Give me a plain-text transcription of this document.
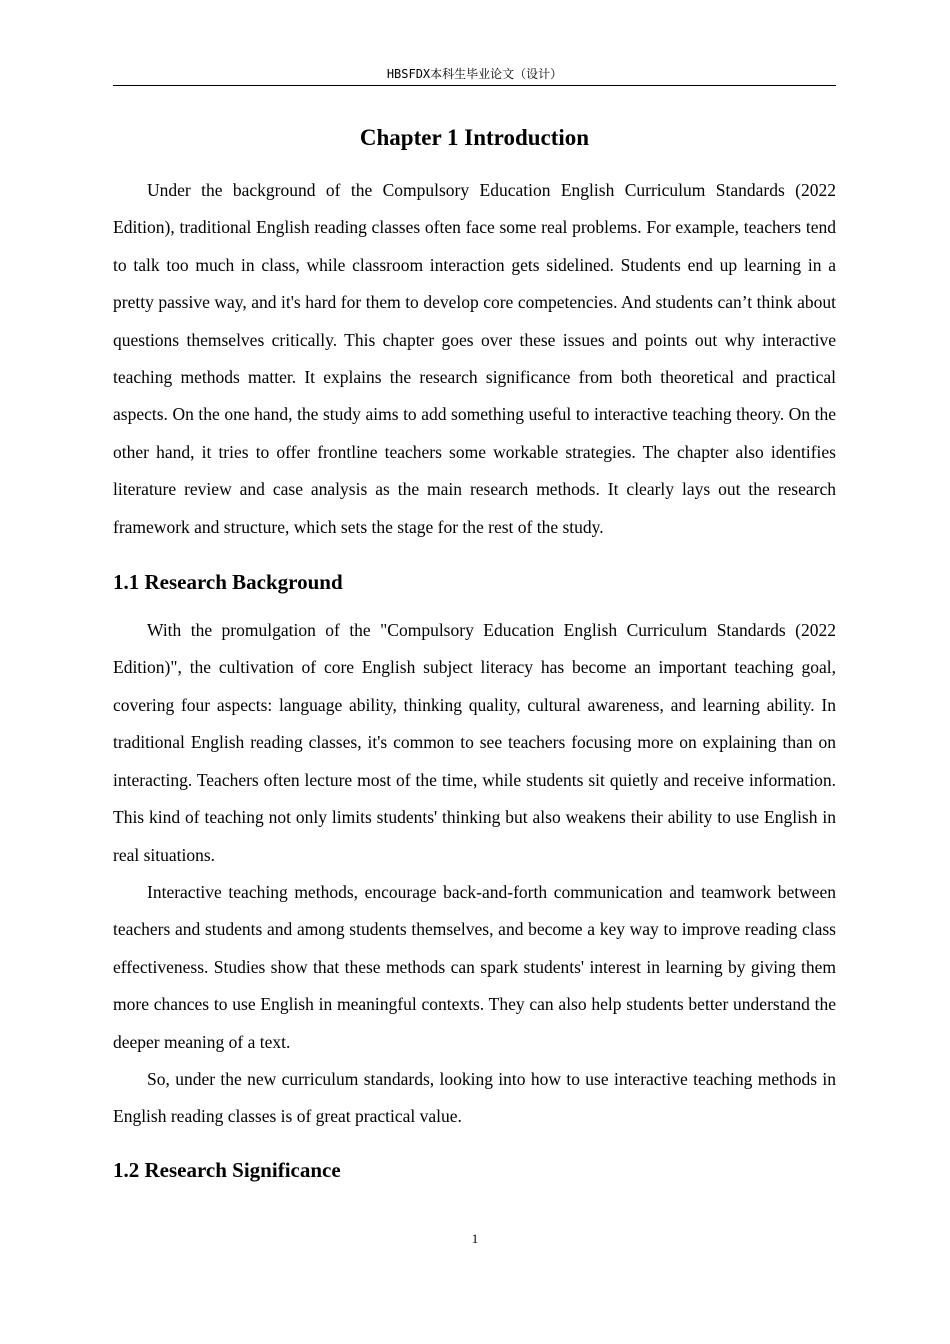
HBSFDX本科生毕业论文（设计）
Chapter 1 Introduction

Under the background of the Compulsory Education English Curriculum Standards (2022 Edition), traditional English reading classes often face some real problems. For example, teachers tend to talk too much in class, while classroom interaction gets sidelined. Students end up learning in a pretty passive way, and it's hard for them to develop core competencies. And students can’t think about questions themselves critically. This chapter goes over these issues and points out why interactive teaching methods matter. It explains the research significance from both theoretical and practical aspects. On the one hand, the study aims to add something useful to interactive teaching theory. On the other hand, it tries to offer frontline teachers some workable strategies. The chapter also identifies literature review and case analysis as the main research methods. It clearly lays out the research framework and structure, which sets the stage for the rest of the study.

1.1 Research Background

With the promulgation of the "Compulsory Education English Curriculum Standards (2022 Edition)", the cultivation of core English subject literacy has become an important teaching goal, covering four aspects: language ability, thinking quality, cultural awareness, and learning ability. In traditional English reading classes, it's common to see teachers focusing more on explaining than on interacting. Teachers often lecture most of the time, while students sit quietly and receive information. This kind of teaching not only limits students' thinking but also weakens their ability to use English in real situations.

Interactive teaching methods, encourage back-and-forth communication and teamwork between teachers and students and among students themselves, and become a key way to improve reading class effectiveness. Studies show that these methods can spark students' interest in learning by giving them more chances to use English in meaningful contexts. They can also help students better understand the deeper meaning of a text.

So, under the new curriculum standards, looking into how to use interactive teaching methods in English reading classes is of great practical value.

1.2 Research Significance
1
